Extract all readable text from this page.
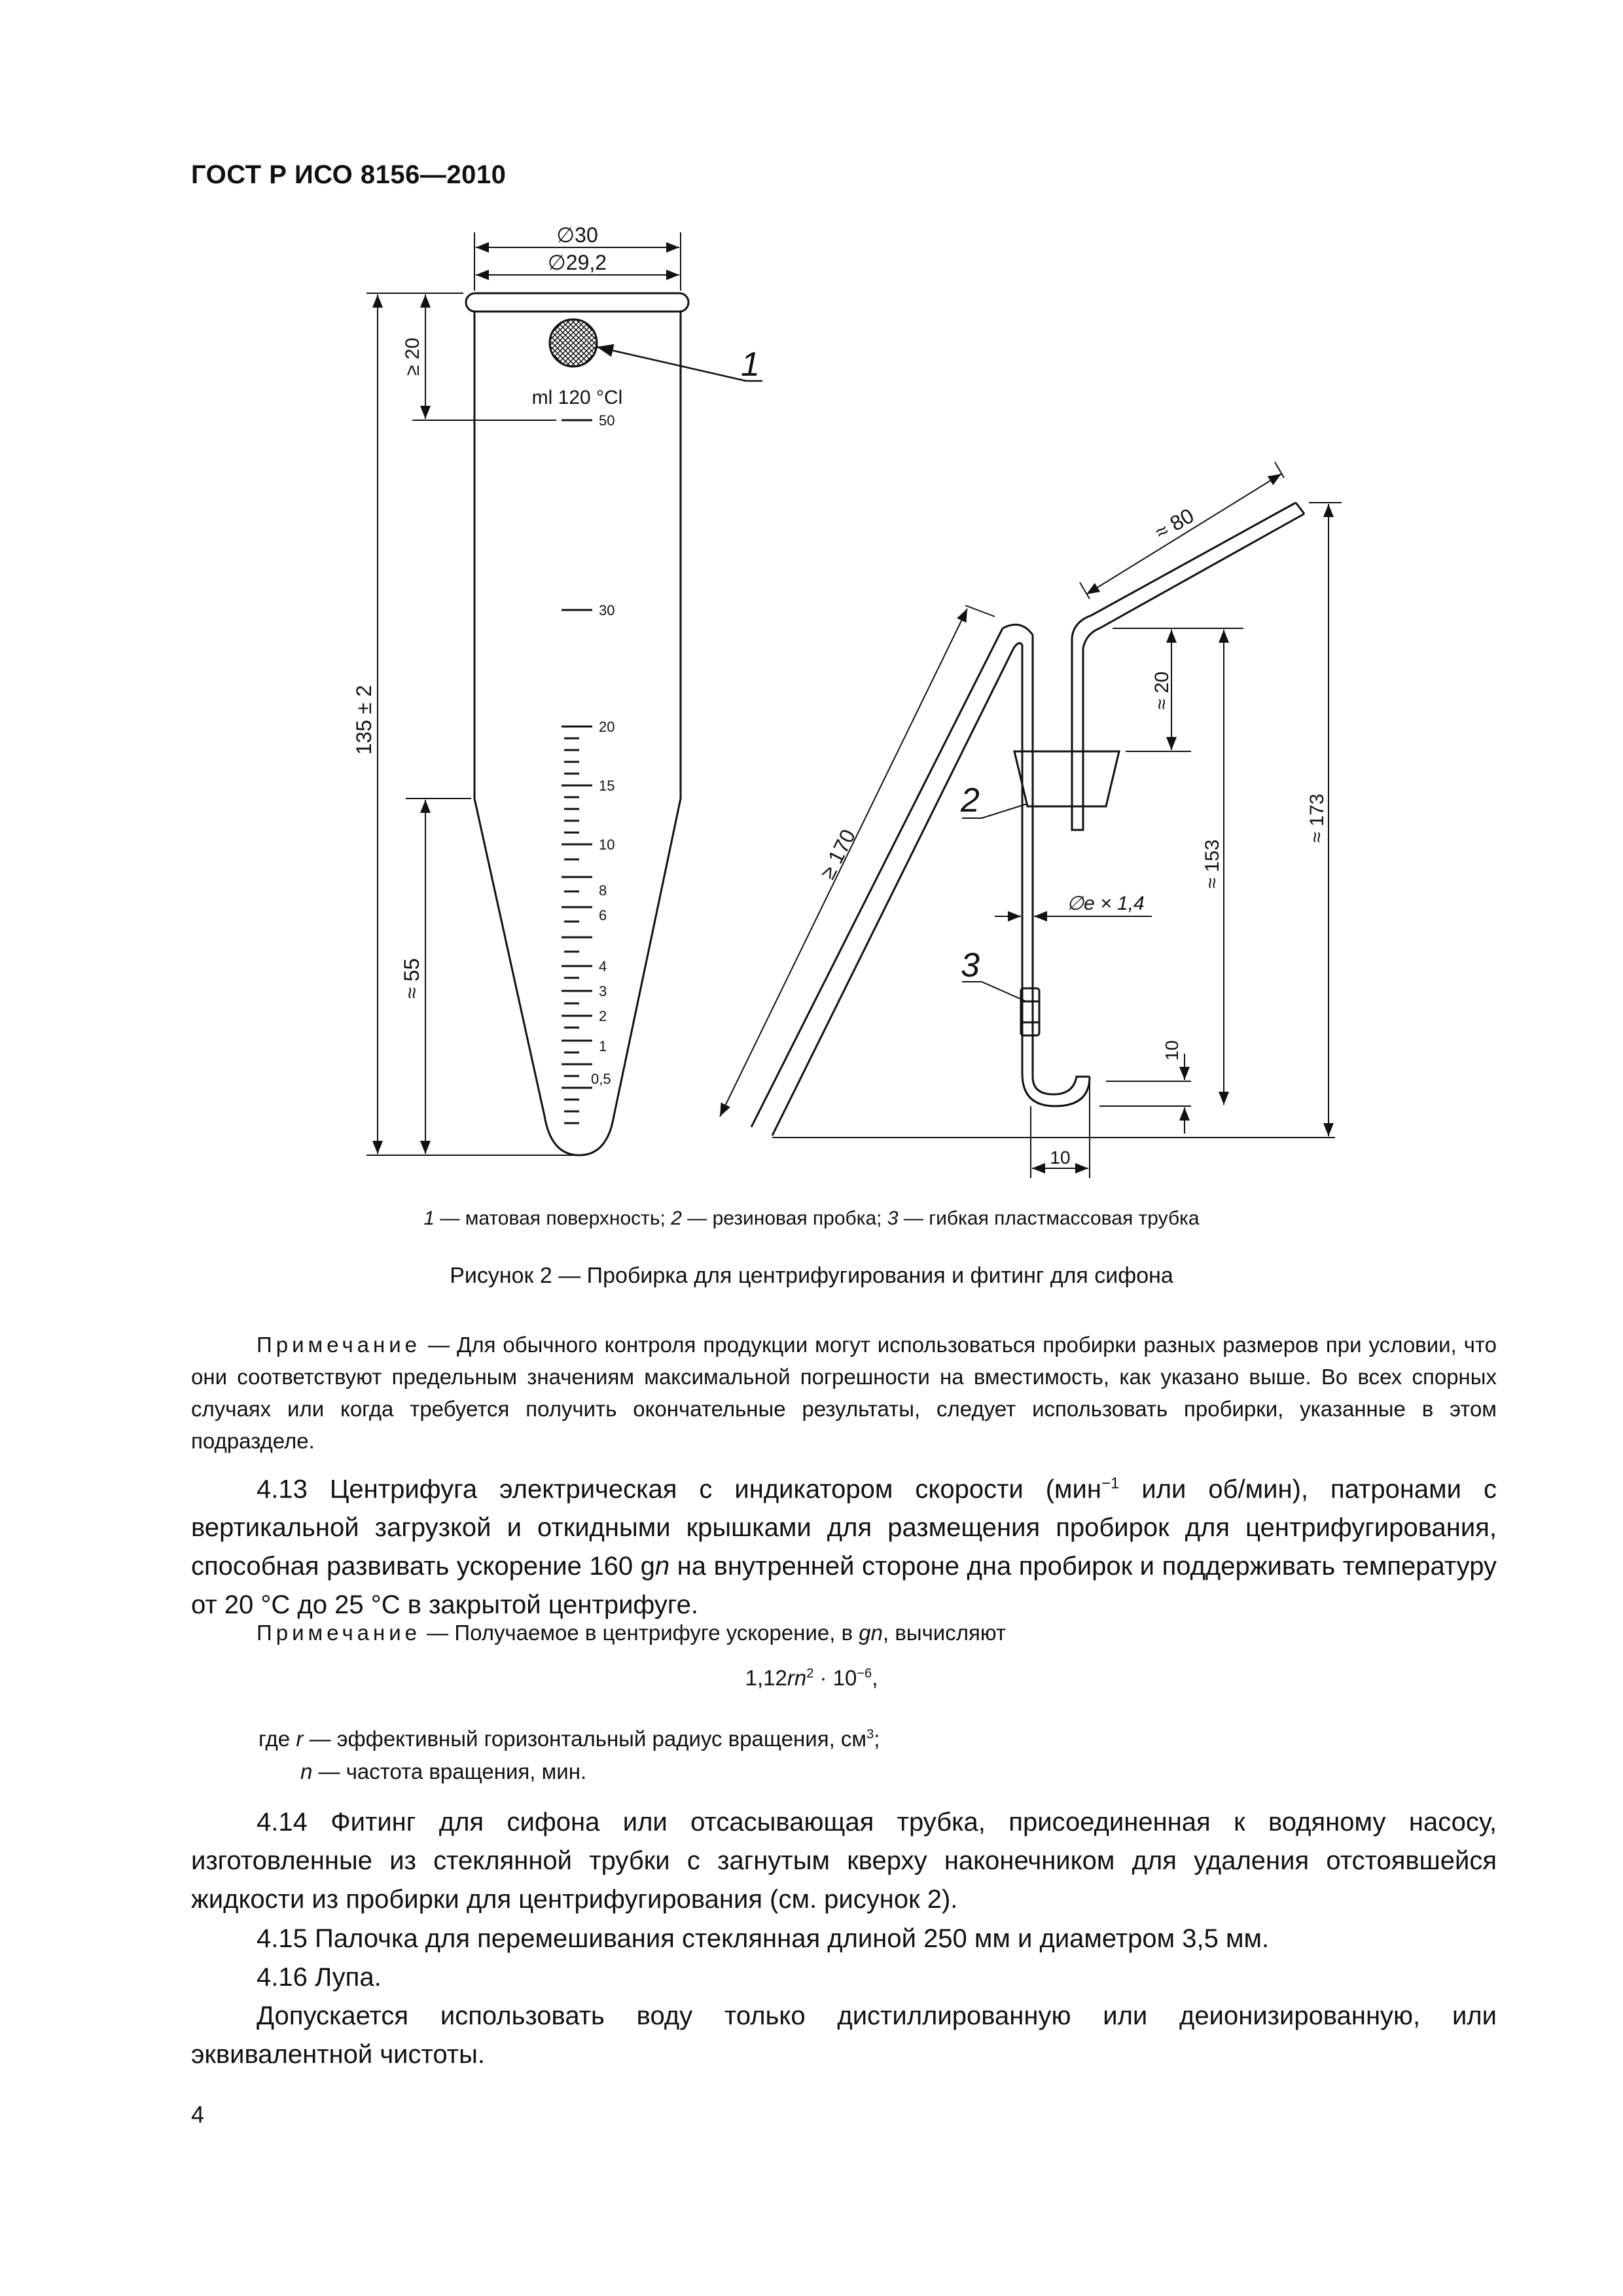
ГОСТ Р ИСО 8156—2010
ml 120 °Cl
1
50
30
20
15
10
8
6
4
3
2
1
0,5
∅30
∅29,2
≥ 20
135 ± 2
≈ 55
≈ 80
≥ 170
≈ 20
≈ 153
≈ 173
∅e × 1,4
10
10
2
3
1 — матовая поверхность; 2 — резиновая пробка; 3 — гибкая пластмассовая трубка
Рисунок 2 — Пробирка для центрифугирования и фитинг для сифона
Примечание — Для обычного контроля продукции могут использоваться пробирки разных размеров при условии, что они соответствуют предельным значениям максимальной погрешности на вместимость, как указано выше. Во всех спорных случаях или когда требуется получить окончательные результаты, следует использовать пробирки, указанные в этом подразделе.
4.13 Центрифуга электрическая с индикатором скорости (мин$^{-1}$ или об/мин), патронами с вертикальной загрузкой и откидными крышками для размещения пробирок для центрифугирования, способная развивать ускорение 160 gn на внутренней стороне дна пробирок и поддерживать температуру от 20 °С до 25 °С в закрытой центрифуге.
Примечание — Получаемое в центрифуге ускорение, в gn, вычисляют
$1,12rn^2 \cdot 10^{-6}$,
где r — эффективный горизонтальный радиус вращения, $см^3$;
n — частота вращения, мин.
4.14 Фитинг для сифона или отсасывающая трубка, присоединенная к водяному насосу, изготовленные из стеклянной трубки с загнутым кверху наконечником для удаления отстоявшейся жидкости из пробирки для центрифугирования (см. рисунок 2).
4.15 Палочка для перемешивания стеклянная длиной 250 мм и диаметром 3,5 мм.
4.16 Лупа.
Допускается использовать воду только дистиллированную или деионизированную, или эквивалентной чистоты.
4
